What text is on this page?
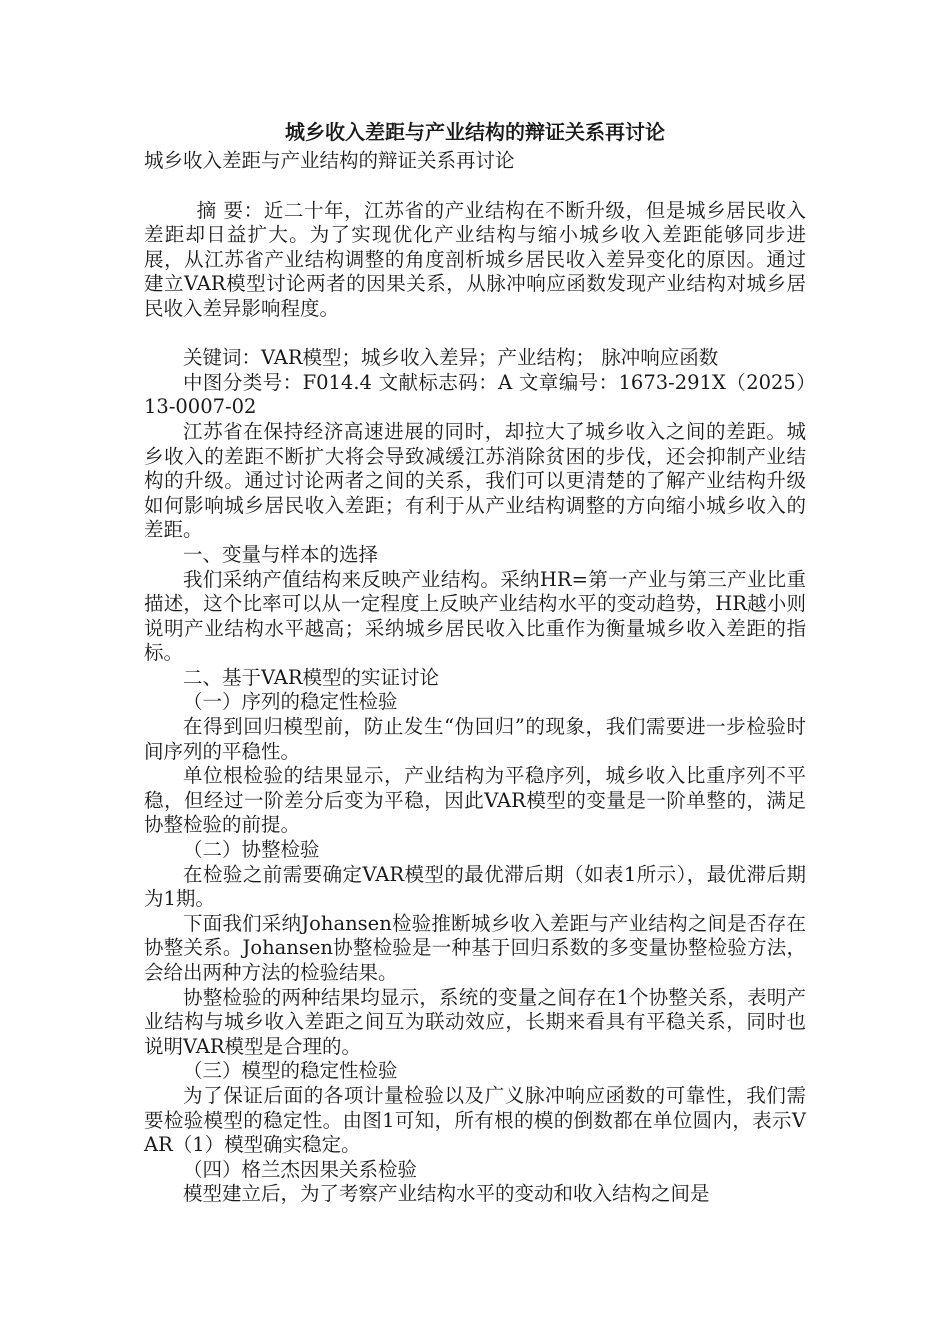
城乡收入差距与产业结构的辩证关系再讨论
城乡收入差距与产业结构的辩证关系再讨论

摘 要：近二十年，江苏省的产业结构在不断升级，但是城乡居民收入差距却日益扩大。为了实现优化产业结构与缩小城乡收入差距能够同步进展，从江苏省产业结构调整的角度剖析城乡居民收入差异变化的原因。通过建立VAR模型讨论两者的因果关系，从脉冲响应函数发现产业结构对城乡居民收入差异影响程度。

关键词：VAR模型；城乡收入差异；产业结构； 脉冲响应函数

中图分类号：F014.4 文献标志码：A 文章编号：1673-291X（2025）13-0007-02

江苏省在保持经济高速进展的同时，却拉大了城乡收入之间的差距。城乡收入的差距不断扩大将会导致减缓江苏消除贫困的步伐，还会抑制产业结构的升级。通过讨论两者之间的关系，我们可以更清楚的了解产业结构升级如何影响城乡居民收入差距；有利于从产业结构调整的方向缩小城乡收入的差距。

一、变量与样本的选择

我们采纳产值结构来反映产业结构。采纳HR=第一产业与第三产业比重描述，这个比率可以从一定程度上反映产业结构水平的变动趋势，HR越小则说明产业结构水平越高；采纳城乡居民收入比重作为衡量城乡收入差距的指标。

二、基于VAR模型的实证讨论

（一）序列的稳定性检验

在得到回归模型前，防止发生“伪回归”的现象，我们需要进一步检验时间序列的平稳性。

单位根检验的结果显示，产业结构为平稳序列，城乡收入比重序列不平稳，但经过一阶差分后变为平稳，因此VAR模型的变量是一阶单整的，满足协整检验的前提。

（二）协整检验

在检验之前需要确定VAR模型的最优滞后期（如表1所示），最优滞后期为1期。

下面我们采纳Johansen检验推断城乡收入差距与产业结构之间是否存在协整关系。Johansen协整检验是一种基于回归系数的多变量协整检验方法，会给出两种方法的检验结果。

协整检验的两种结果均显示，系统的变量之间存在1个协整关系，表明产业结构与城乡收入差距之间互为联动效应，长期来看具有平稳关系，同时也说明VAR模型是合理的。

（三）模型的稳定性检验

为了保证后面的各项计量检验以及广义脉冲响应函数的可靠性，我们需要检验模型的稳定性。由图1可知，所有根的模的倒数都在单位圆内，表示VAR（1）模型确实稳定。

（四）格兰杰因果关系检验

模型建立后，为了考察产业结构水平的变动和收入结构之间是
